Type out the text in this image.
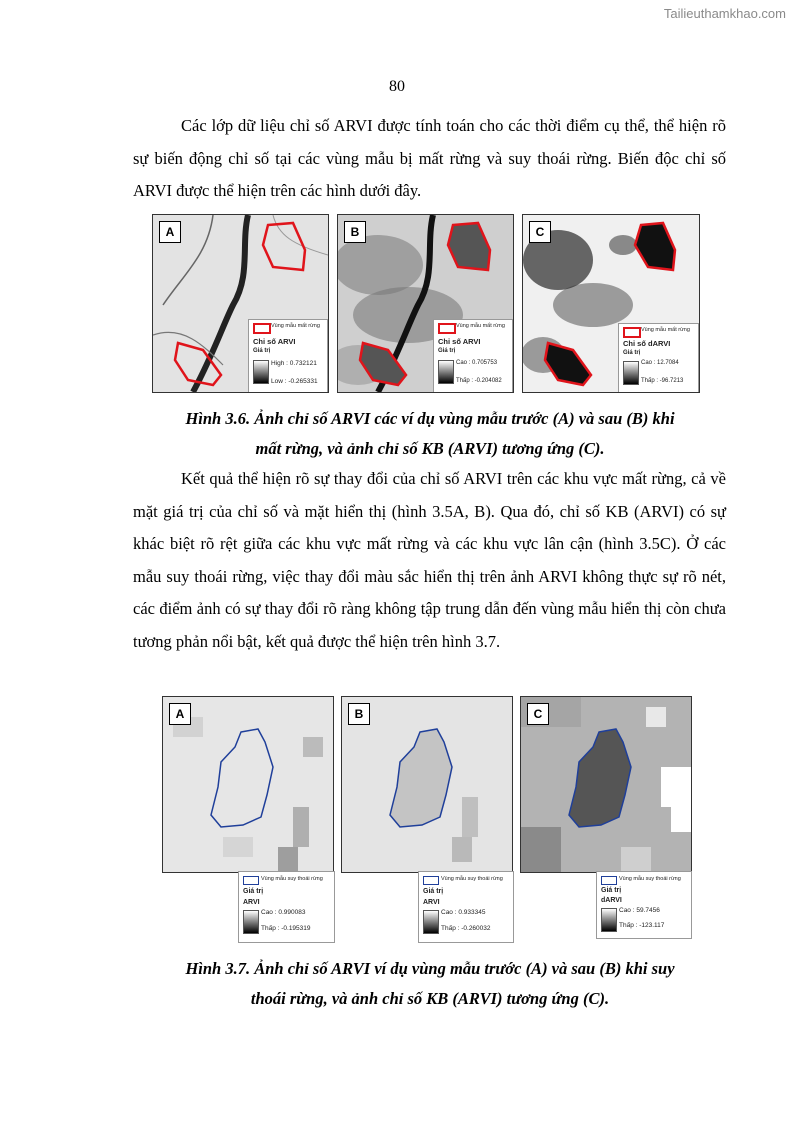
Tailieuthamkhao.com
80

Các lớp dữ liệu chỉ số ARVI được tính toán cho các thời điểm cụ thể, thể hiện rõ sự biến động chỉ số tại các vùng mẫu bị mất rừng và suy thoái rừng. Biến độc chỉ số ARVI được thể hiện trên các hình dưới đây.

A
Vùng mẫu mất rừng
Chỉ số ARVI
Giá trị
High : 0.732121
Low : -0.265331
B
Vùng mẫu mất rừng
Chỉ số ARVI
Giá trị
Cao : 0.705753
Thấp : -0.204082
C
Vùng mẫu mất rừng
Chỉ số dARVI
Giá trị
Cao : 12.7084
Thấp : -96.7213

Hình 3.6. Ảnh chỉ số ARVI các ví dụ vùng mẫu trước (A) và sau (B) khi
mất rừng, và ảnh chỉ số KB (ARVI) tương ứng (C).

Kết quả thể hiện rõ sự thay đổi của chỉ số ARVI trên các khu vực mất rừng, cả về mặt giá trị của chỉ số và mặt hiển thị (hình 3.5A, B). Qua đó, chỉ số KB (ARVI) có sự khác biệt rõ rệt giữa các khu vực mất rừng và các khu vực lân cận (hình 3.5C). Ở các mẫu suy thoái rừng, việc thay đổi màu sắc hiển thị trên ảnh ARVI không thực sự rõ nét, các điểm ảnh có sự thay đổi rõ ràng không tập trung dẫn đến vùng mẫu hiển thị còn chưa tương phản nổi bật, kết quả được thể hiện trên hình 3.7.

A	B	C
Vùng mẫu suy thoái rừng
Giá trị
ARVI
Cao : 0.990083
Thấp : -0.195319
Vùng mẫu suy thoái rừng
Giá trị
ARVI
Cao : 0.933345
Thấp : -0.260032
Vùng mẫu suy thoái rừng
Giá trị
dARVI
Cao : 59.7456
Thấp : -123.117

Hình 3.7. Ảnh chỉ số ARVI ví dụ vùng mẫu trước (A) và sau (B) khi suy
thoái rừng, và ảnh chỉ số KB (ARVI) tương ứng (C).
